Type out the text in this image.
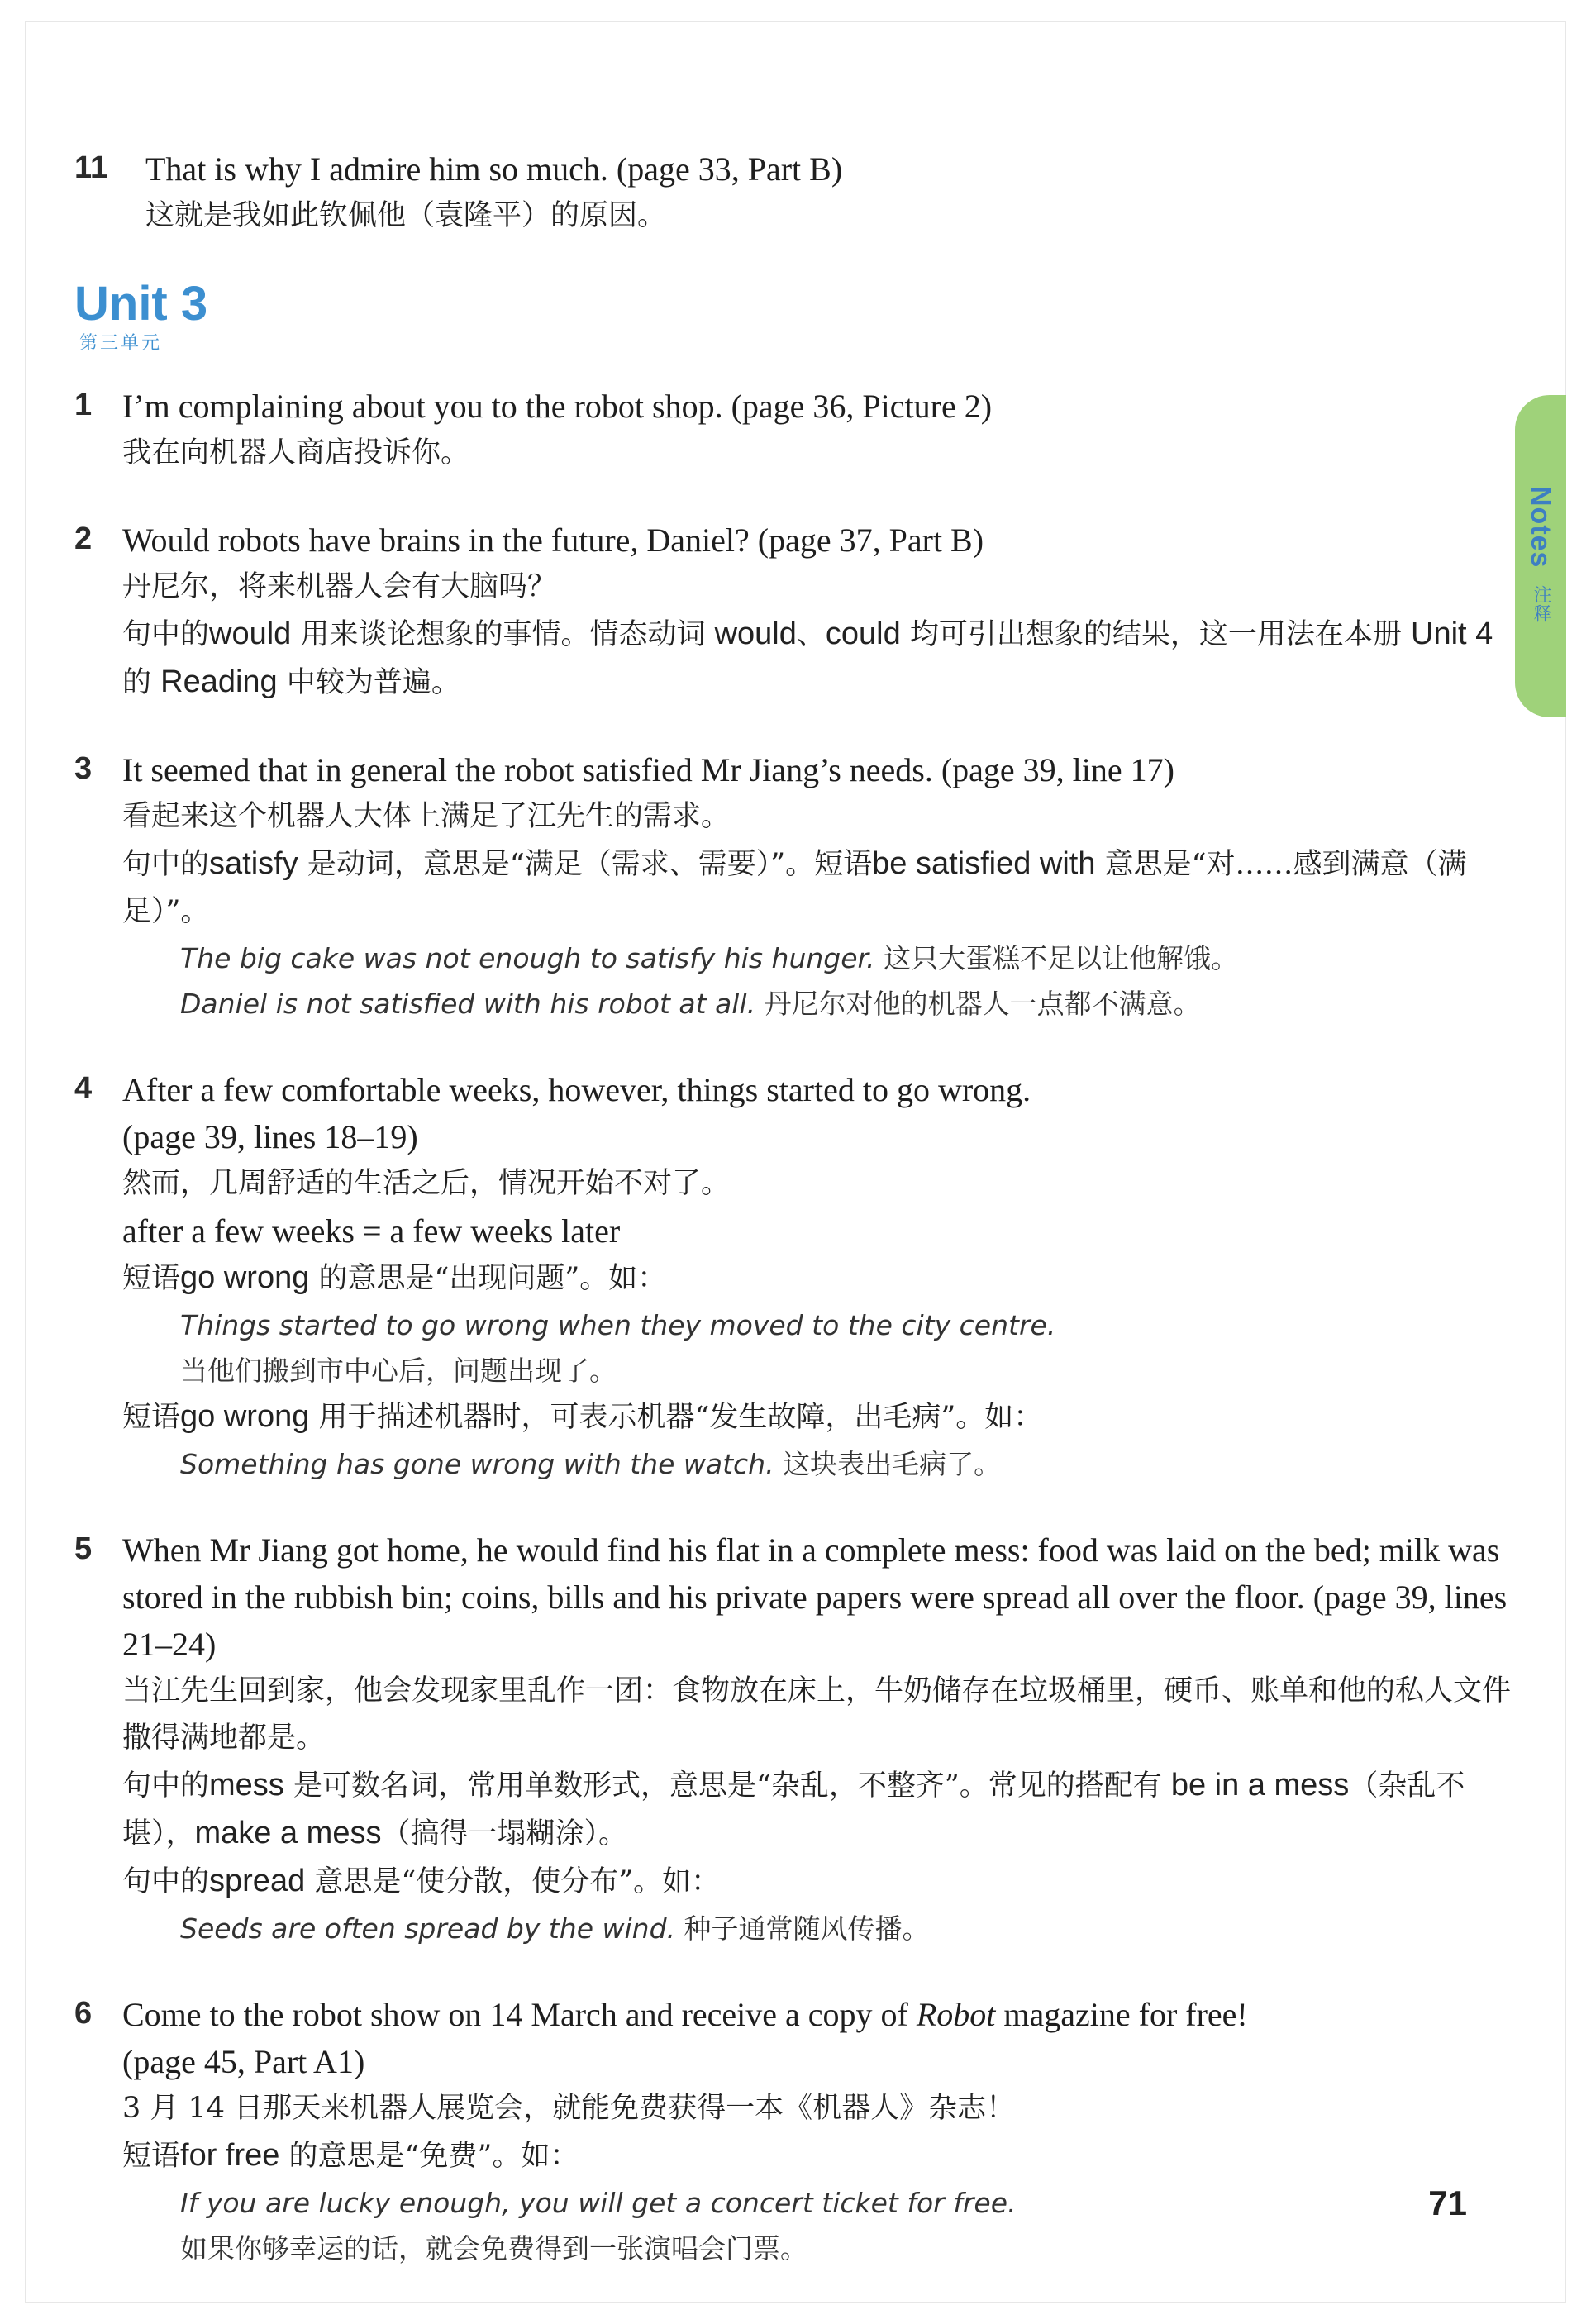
Notes 注释
11 That is why I admire him so much. (page 33, Part B)
这就是我如此钦佩他（袁隆平）的原因。
Unit 3
第三单元
1 I’m complaining about you to the robot shop. (page 36, Picture 2)
我在向机器人商店投诉你。
2 Would robots have brains in the future, Daniel? (page 37, Part B)
丹尼尔，将来机器人会有大脑吗？
句中的would 用来谈论想象的事情。情态动词 would、could 均可引出想象的结果，这一用法在本册 Unit 4 的 Reading 中较为普遍。
3 It seemed that in general the robot satisfied Mr Jiang’s needs. (page 39, line 17)
看起来这个机器人大体上满足了江先生的需求。
句中的satisfy 是动词，意思是“满足（需求、需要）”。短语be satisfied with 意思是“对……感到满意（满足）”。
The big cake was not enough to satisfy his hunger. 这只大蛋糕不足以让他解饿。
Daniel is not satisfied with his robot at all. 丹尼尔对他的机器人一点都不满意。
4 After a few comfortable weeks, however, things started to go wrong.
(page 39, lines 18–19)
然而，几周舒适的生活之后，情况开始不对了。
after a few weeks = a few weeks later
短语go wrong 的意思是“出现问题”。如：
Things started to go wrong when they moved to the city centre.
当他们搬到市中心后，问题出现了。
短语go wrong 用于描述机器时，可表示机器“发生故障，出毛病”。如：
Something has gone wrong with the watch. 这块表出毛病了。
5 When Mr Jiang got home, he would find his flat in a complete mess: food was laid on the bed; milk was stored in the rubbish bin; coins, bills and his private papers were spread all over the floor. (page 39, lines 21–24)
当江先生回到家，他会发现家里乱作一团：食物放在床上，牛奶储存在垃圾桶里，硬币、账单和他的私人文件撒得满地都是。
句中的mess 是可数名词，常用单数形式，意思是“杂乱，不整齐”。常见的搭配有 be in a mess（杂乱不堪），make a mess（搞得一塌糊涂）。
句中的spread 意思是“使分散，使分布”。如：
Seeds are often spread by the wind. 种子通常随风传播。
6 Come to the robot show on 14 March and receive a copy of Robot magazine for free!
(page 45, Part A1)
3 月 14 日那天来机器人展览会，就能免费获得一本《机器人》杂志！
短语for free 的意思是“免费”。如：
If you are lucky enough, you will get a concert ticket for free.
如果你够幸运的话，就会免费得到一张演唱会门票。
71
